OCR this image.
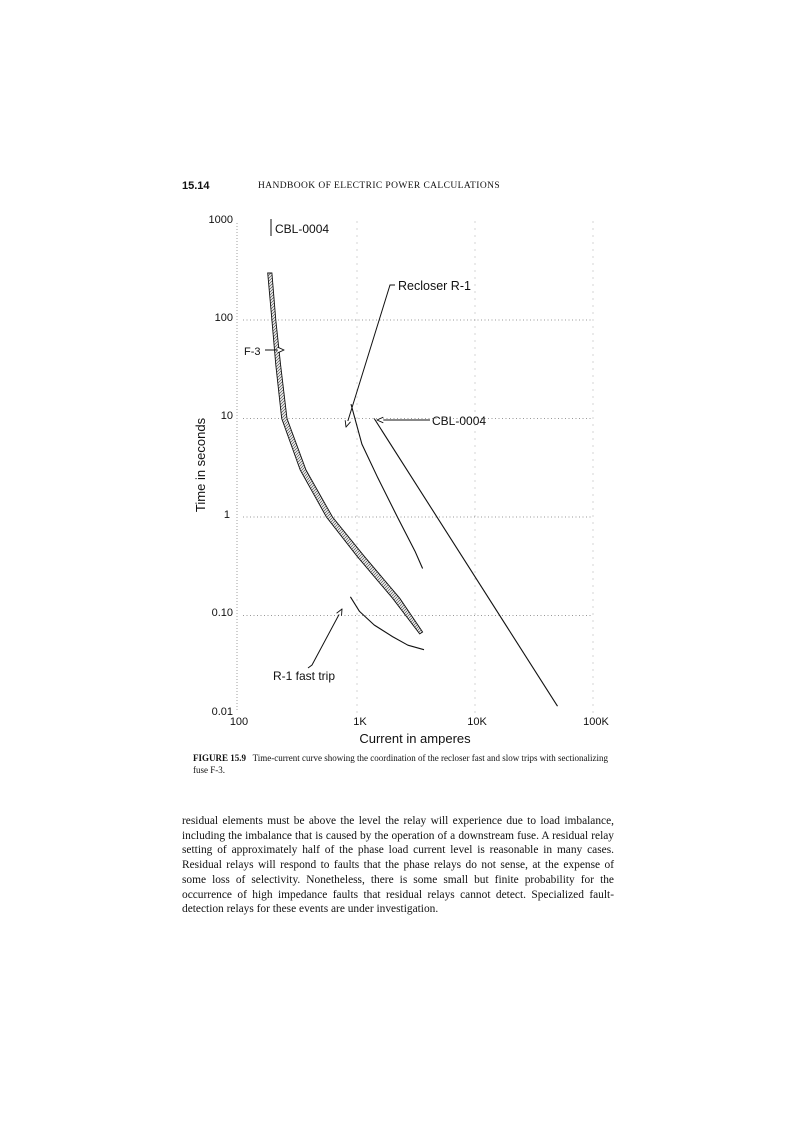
15.14	HANDBOOK OF ELECTRIC POWER CALCULATIONS
1000
100
10
1
0.10
0.01
100	1K	10K	100K
Current in amperes
Time in seconds
CBL-0004
Recloser R-1
F-3
CBL-0004
R-1 fast trip
FIGURE 15.9 Time-current curve showing the coordination of the recloser fast and slow trips with sectionalizing fuse F-3.

residual elements must be above the level the relay will experience due to load imbalance, including the imbalance that is caused by the operation of a downstream fuse. A residual relay setting of approximately half of the phase load current level is reasonable in many cases. Residual relays will respond to faults that the phase relays do not sense, at the expense of some loss of selectivity. Nonetheless, there is some small but finite probability for the occurrence of high impedance faults that residual relays cannot detect. Specialized fault-detection relays for these events are under investigation.
